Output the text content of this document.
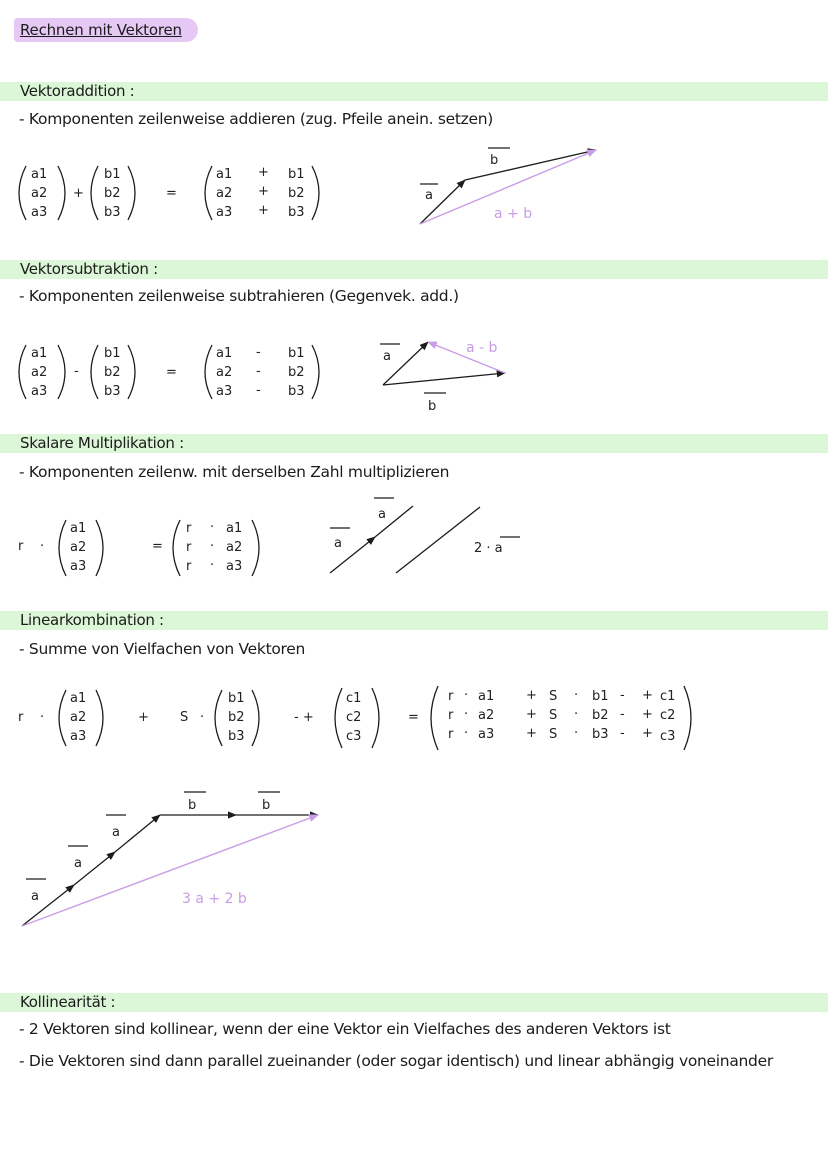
Rechnen mit Vektoren
Vektoraddition :
- Komponenten zeilenweise addieren (zug. Pfeile anein. setzen)
Vektorsubtraktion :
- Komponenten zeilenweise subtrahieren (Gegenvek. add.)
Skalare Multiplikation :
- Komponenten zeilenw. mit derselben Zahl multiplizieren
Linearkombination :
- Summe von Vielfachen von Vektoren
Kollinearität :
- 2 Vektoren sind kollinear, wenn der eine Vektor ein Vielfaches des anderen Vektors ist
- Die Vektoren sind dann parallel zueinander (oder sogar identisch) und linear abhängig voneinander
a1
a2
a3
+
b1
b2
b3
=
a1
a2
a3
+
+
+
b1
b2
b3
a
b
a + b
a1
a2
a3
-
b1
b2
b3
=
a1
a2
a3
-
-
-
b1
b2
b3
a
b
a - b
r ·
a1
a2
a3
=
r
r
r
·
·
·
a1
a2
a3
a
a
2 · a
r ·
a1
a2
a3
+ S ·
b1
b2
b3
- +
c1
c2
c3
=
r
r
r
·
·
·
a1
a2
a3
+
+
+
S
S
S
·
·
·
b1
b2
b3
-
-
-
+
+
+
c1
c2
c3
a
a
a
b	b
3 a + 2 b
